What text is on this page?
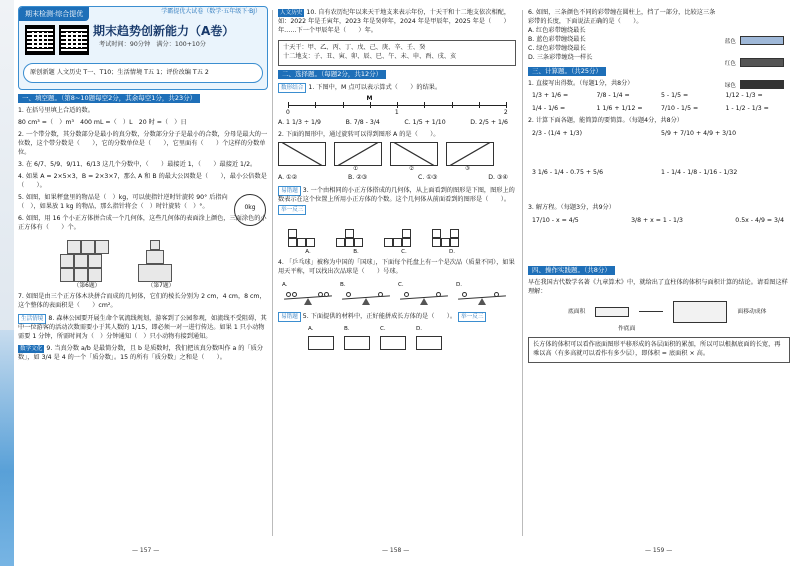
期末检测·综合提优	学霸提优大试卷（数学·五年级下·BJ）
期末趋势创新能力（A卷）
考试时间：90分钟　满分：100+10分
原创新题 人文历史 T一、T10；生活情境 T五 1；评价改编 T五 2
一、填空题。（第8~10题每空2分，其余每空1分，共23分）
1. 在括号里填上合适的数。
80 cm³ =（　）m³　400 mL =（　）L　20 时 =（　）日
2. 一个带分数，其分数部分是最小的真分数，分数部分分子是最小的合数，分母是最大的一位数，这个带分数是（　　），它的分数单位是（　　），它里面有（　　）个这样的分数单位。
3. 在 6/7、5/9、9/11、6/13 这几个分数中，（　　）最接近 1，（　　）最接近 1/2。
4. 如果 A = 2×5×3，B = 2×3×7，那么 A 和 B 的最大公因数是（　　），最小公倍数是（　　）。
5. 如图，如果秤盘里的物品是（　）kg，可以使指针逆时针旋转 90° 后指向（　），如果放 1 kg 的物品，那么指针将会（　）时针旋转（　）°。	0kg
6. 如图，用 16 个小正方体拼合成一个几何体，这些几何体的表面涂上颜色，三面涂色的小正方体有（　　）个。
（第6题）	（第7题）
7. 如图是由三个正方体木块拼合而成的几何体，它们的棱长分别为 2 cm，4 cm，8 cm，这个整体的表面积是（　　）cm²。
生活情境 8. 森林公园要开展生命个氧流线规划，游客到了公园参观，如流线不受阻碍，其中一位游客的活动次数需要小于其人数的 1/15，即必须一对一进行传达。如果 1 只小动物需要 1 分钟，所需时间为（　）分钟通知（　）只小动物有接到通知。
数学文化 9. 当真分数 a/b 是最简分数，且 b 是质数时，我们把该真分数叫作 a 的「质分数」，如 3/4 是 4 的一个「质分数」。15 的所有「质分数」之和是（　　）。
— 157 —
人文历史 10. 自有农历纪年以来天干地支来表示年份，十天干和十二地支依次相配，如：2022 年是壬寅年，2023 年是癸卯年，2024 年是甲辰年，2025 年是（　　）年……下一个甲辰年是（　　）年。
十天干：甲、乙、丙、丁、戊、己、庚、辛、壬、癸
十二地支：子、丑、寅、卯、辰、巳、午、未、申、酉、戌、亥
二、选择题。（每题2分，共12分）
数形结合 1. 下图中，M 点可以表示算式（　　）的结果。
0	1	2
M
A. 1 1/3 ÷ 1/9	B. 7/8 - 3/4	C. 1/5 + 1/10	D. 2/5 + 1/6
2. 下面的图形中，通过旋转可以得到图形 A 的是（　　）。
①	②	③
A. ①②	B. ②③	C. ①③	D. ③④
易错题 3. 一个由相同的小正方体搭成的几何体，从上面看到的图形是下图，图形上的数表示在这个位置上所用小正方体的个数。这个几何体从前面看到的图形是（　　）。 举一反三
A.	B.	C.	D.
4. 「乒乓球」被称为中国的「国球」，下面每个托盘上有一个是次品（质量不同），如果用天平称，可以找出次品球是（　　）号球。
A.	B.	C.	D.
易错题 5. 下面提供的材料中，正好能拼成长方体的是（　　）。 举一反三
A.	B.	C.	D.
— 158 —
6. 如图，三条颜色不同的彩带缠在圆柱上，挡了一部分，比较这三条彩带的长度，下面说法正确的是（　　）。
A. 红色彩带缠绕最长
B. 蓝色彩带缠绕最长
C. 绿色彩带缠绕最长
D. 三条彩带缠绕一样长
蓝色
红色
绿色
三、计算题。（共25分）
1. 直接写出得数。（每题1分，共8分）
1/3 + 1/6 =	7/8 - 1/4 =	5 - 1/5 =	1/12 - 1/3 =
1/4 - 1/6 =	1 1/6 + 1/12 =	7/10 - 1/5 =	1 - 1/2 - 1/3 =
2. 计算下面各题，能简算的要简算。（每题4分，共8分）
2/3 - (1/4 + 1/3)	5/9 + 7/10 + 4/9 + 3/10
3 1/6 - 1/4 - 0.75 + 5/6	1 - 1/4 - 1/8 - 1/16 - 1/32
3. 解方程。（每题3分，共9分）
17/10 - x = 4/5	3/8 + x = 1 - 1/3	0.5x - 4/9 = 3/4
四、操作实践题。（共8分）
早在我国古代数学名著《九章算术》中，就给出了直柱体的体积与面积计算的结论。请看图这样理解：
底面积	面移动成体
作底面
长方体的体积可以看作底面图形平移形成的各层面积的累加，所以可以根据底面的长宽，再乘以高（有多高就可以看作有多少层），即体积 = 底面积 × 高。
— 159 —
